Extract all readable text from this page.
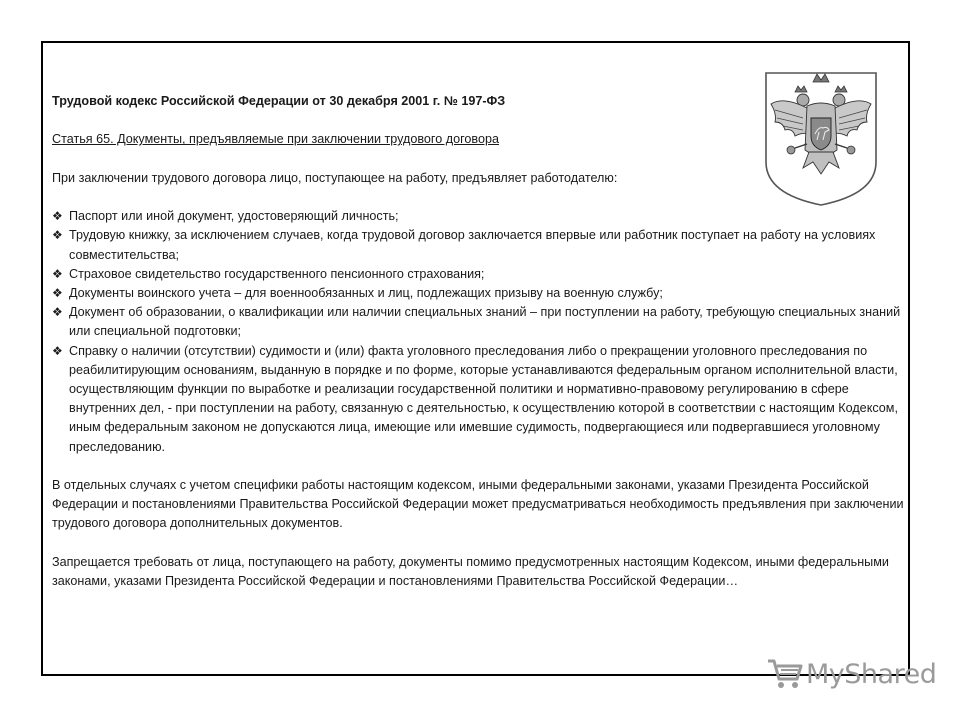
Трудовой кодекс Российской Федерации от 30 декабря 2001 г. № 197-ФЗ

Статья 65. Документы, предъявляемые при заключении трудового договора

При заключении трудового договора лицо, поступающее на работу, предъявляет работодателю:

❖ Паспорт или иной документ, удостоверяющий личность;
❖ Трудовую книжку, за исключением случаев, когда трудовой договор заключается впервые или работник поступает на работу на условиях совместительства;
❖ Страховое свидетельство государственного пенсионного страхования;
❖ Документы воинского учета – для военнообязанных и лиц, подлежащих призыву на военную службу;
❖ Документ об образовании, о квалификации или наличии специальных знаний – при поступлении на работу, требующую специальных знаний или специальной подготовки;
❖ Справку о наличии (отсутствии) судимости и (или) факта уголовного преследования либо о прекращении уголовного преследования по реабилитирующим основаниям, выданную в порядке и по форме, которые устанавливаются федеральным органом исполнительной власти, осуществляющим функции по выработке и реализации государственной политики и нормативно-правовому регулированию в сфере внутренних дел, - при поступлении на работу, связанную с деятельностью, к осуществлению которой в соответствии с настоящим Кодексом, иным федеральным законом не допускаются лица, имеющие или имевшие судимость, подвергающиеся или подвергавшиеся уголовному преследованию.

В отдельных случаях с учетом специфики работы настоящим кодексом, иными федеральными законами, указами Президента Российской Федерации и постановлениями Правительства Российской Федерации может предусматриваться необходимость предъявления при заключении трудового договора дополнительных документов.

Запрещается требовать от лица, поступающего на работу, документы помимо предусмотренных настоящим Кодексом, иными федеральными законами, указами Президента Российской Федерации и постановлениями Правительства Российской Федерации…

MyShared
